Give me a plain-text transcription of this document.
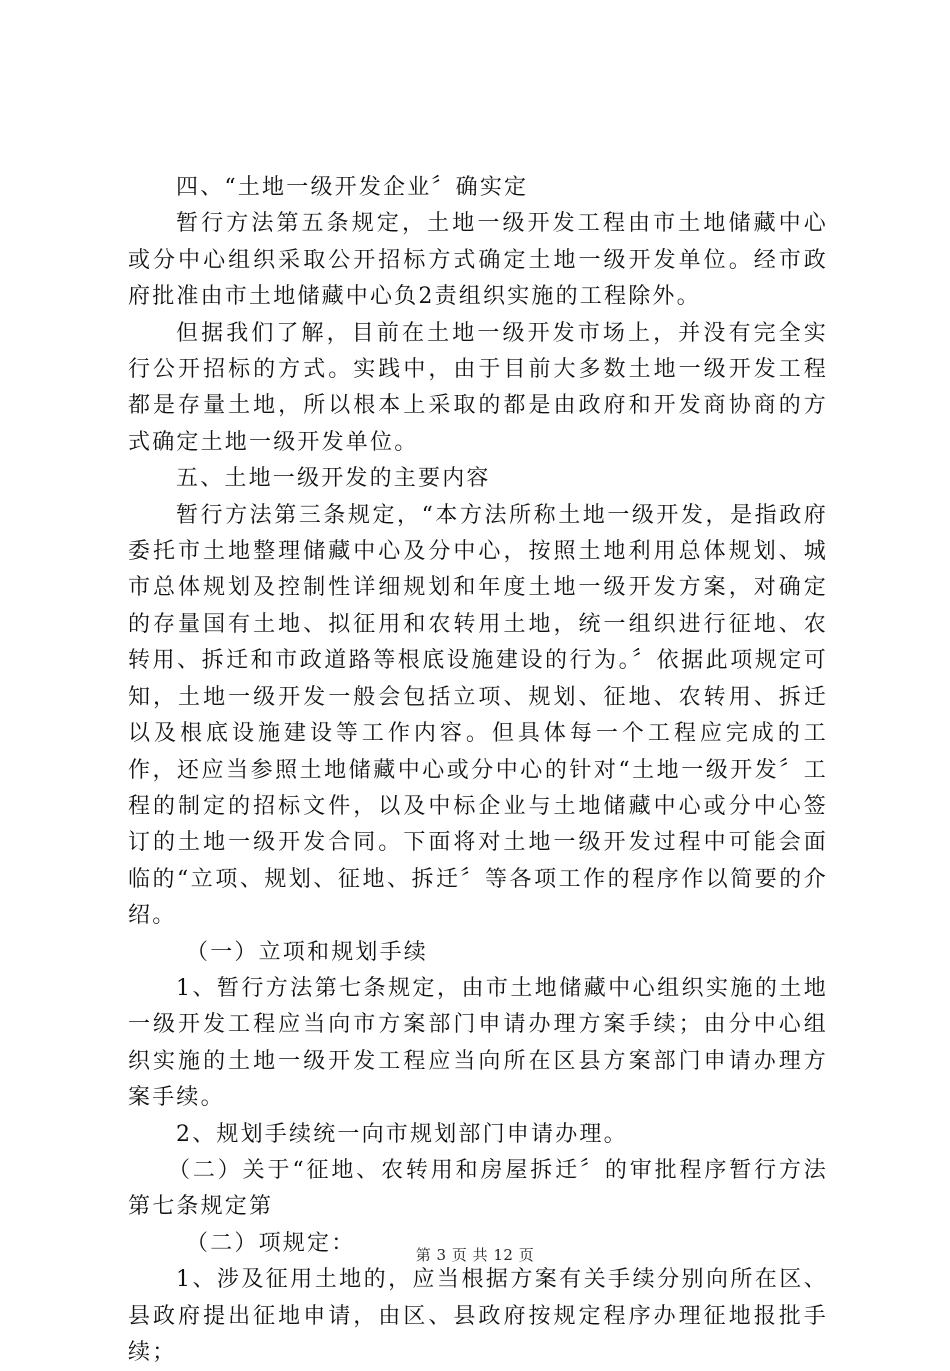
四、“土地一级开发企业〞确实定

暂行方法第五条规定，土地一级开发工程由市土地储藏中心或分中心组织采取公开招标方式确定土地一级开发单位。经市政府批准由市土地储藏中心负2责组织实施的工程除外。

但据我们了解，目前在土地一级开发市场上，并没有完全实行公开招标的方式。实践中，由于目前大多数土地一级开发工程都是存量土地，所以根本上采取的都是由政府和开发商协商的方式确定土地一级开发单位。

五、土地一级开发的主要内容

暂行方法第三条规定，“本方法所称土地一级开发，是指政府委托市土地整理储藏中心及分中心，按照土地利用总体规划、城市总体规划及控制性详细规划和年度土地一级开发方案，对确定的存量国有土地、拟征用和农转用土地，统一组织进行征地、农转用、拆迁和市政道路等根底设施建设的行为。〞依据此项规定可知，土地一级开发一般会包括立项、规划、征地、农转用、拆迁以及根底设施建设等工作内容。但具体每一个工程应完成的工作，还应当参照土地储藏中心或分中心的针对“土地一级开发〞工程的制定的招标文件，以及中标企业与土地储藏中心或分中心签订的土地一级开发合同。下面将对土地一级开发过程中可能会面临的“立项、规划、征地、拆迁〞等各项工作的程序作以简要的介绍。

（一）立项和规划手续

1、暂行方法第七条规定，由市土地储藏中心组织实施的土地一级开发工程应当向市方案部门申请办理方案手续；由分中心组织实施的土地一级开发工程应当向所在区县方案部门申请办理方案手续。

2、规划手续统一向市规划部门申请办理。

（二）关于“征地、农转用和房屋拆迁〞的审批程序暂行方法第七条规定第

（二）项规定：

1、涉及征用土地的，应当根据方案有关手续分别向所在区、县政府提出征地申请，由区、县政府按规定程序办理征地报批手续；

第 3 页 共 12 页
